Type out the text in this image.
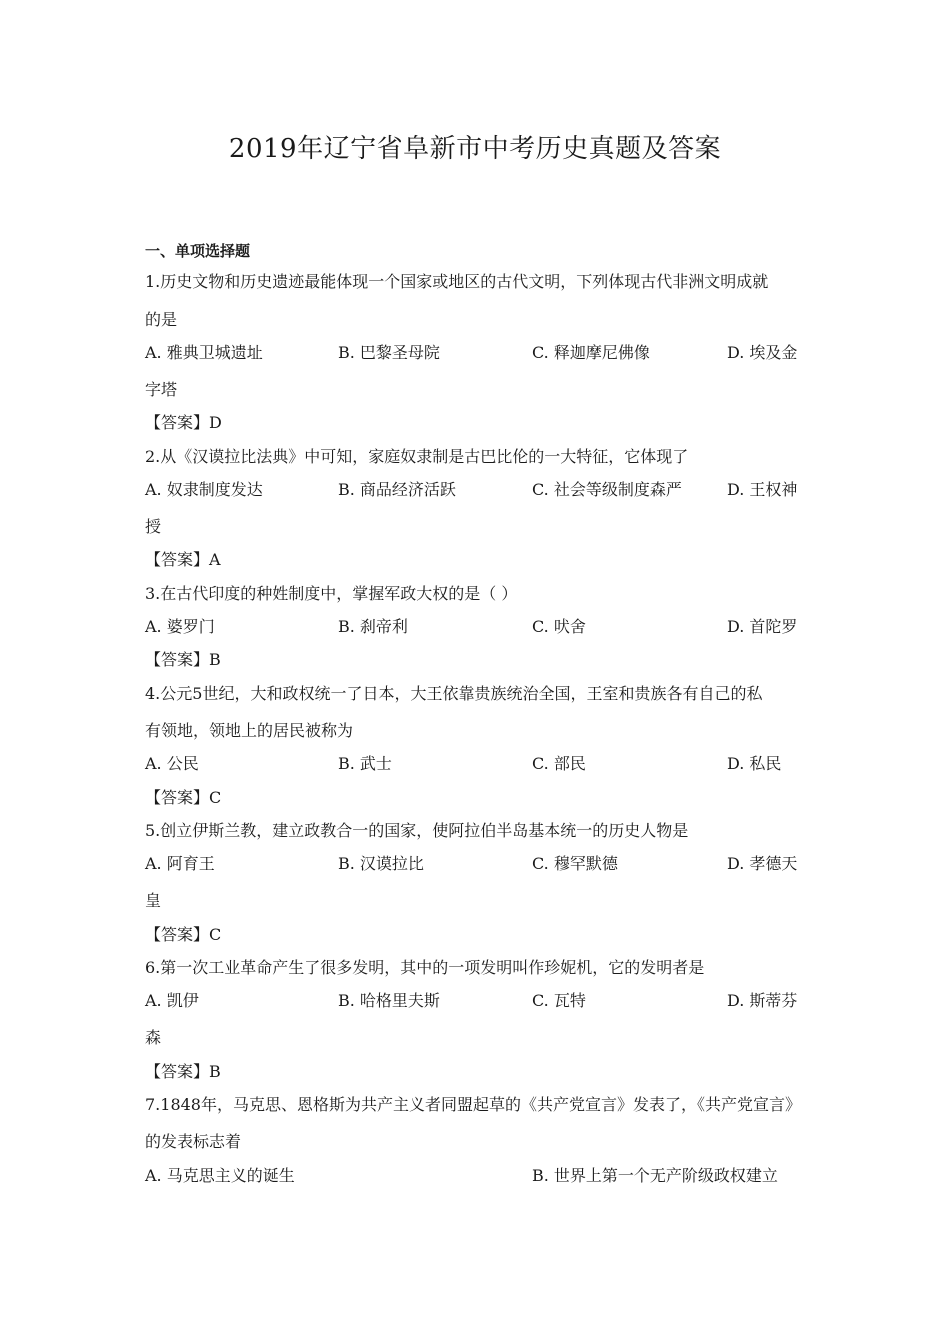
2019年辽宁省阜新市中考历史真题及答案
一、单项选择题
1.历史文物和历史遗迹最能体现一个国家或地区的古代文明，下列体现古代非洲文明成就
的是
A. 雅典卫城遗址	B. 巴黎圣母院	C. 释迦摩尼佛像	D. 埃及金
字塔
【答案】D
2.从《汉谟拉比法典》中可知，家庭奴隶制是古巴比伦的一大特征，它体现了
A. 奴隶制度发达	B. 商品经济活跃	C. 社会等级制度森严	D. 王权神
授
【答案】A
3.在古代印度的种姓制度中，掌握军政大权的是（ ）
A. 婆罗门	B. 刹帝利	C. 吠舍	D. 首陀罗
【答案】B
4.公元5世纪，大和政权统一了日本，大王依靠贵族统治全国，王室和贵族各有自己的私
有领地，领地上的居民被称为
A. 公民	B. 武士	C. 部民	D. 私民
【答案】C
5.创立伊斯兰教，建立政教合一的国家，使阿拉伯半岛基本统一的历史人物是
A. 阿育王	B. 汉谟拉比	C. 穆罕默德	D. 孝德天
皇
【答案】C
6.第一次工业革命产生了很多发明，其中的一项发明叫作珍妮机，它的发明者是
A. 凯伊	B. 哈格里夫斯	C. 瓦特	D. 斯蒂芬
森
【答案】B
7.1848年，马克思、恩格斯为共产主义者同盟起草的《共产党宣言》发表了，《共产党宣言》
的发表标志着
A. 马克思主义的诞生	B. 世界上第一个无产阶级政权建立
